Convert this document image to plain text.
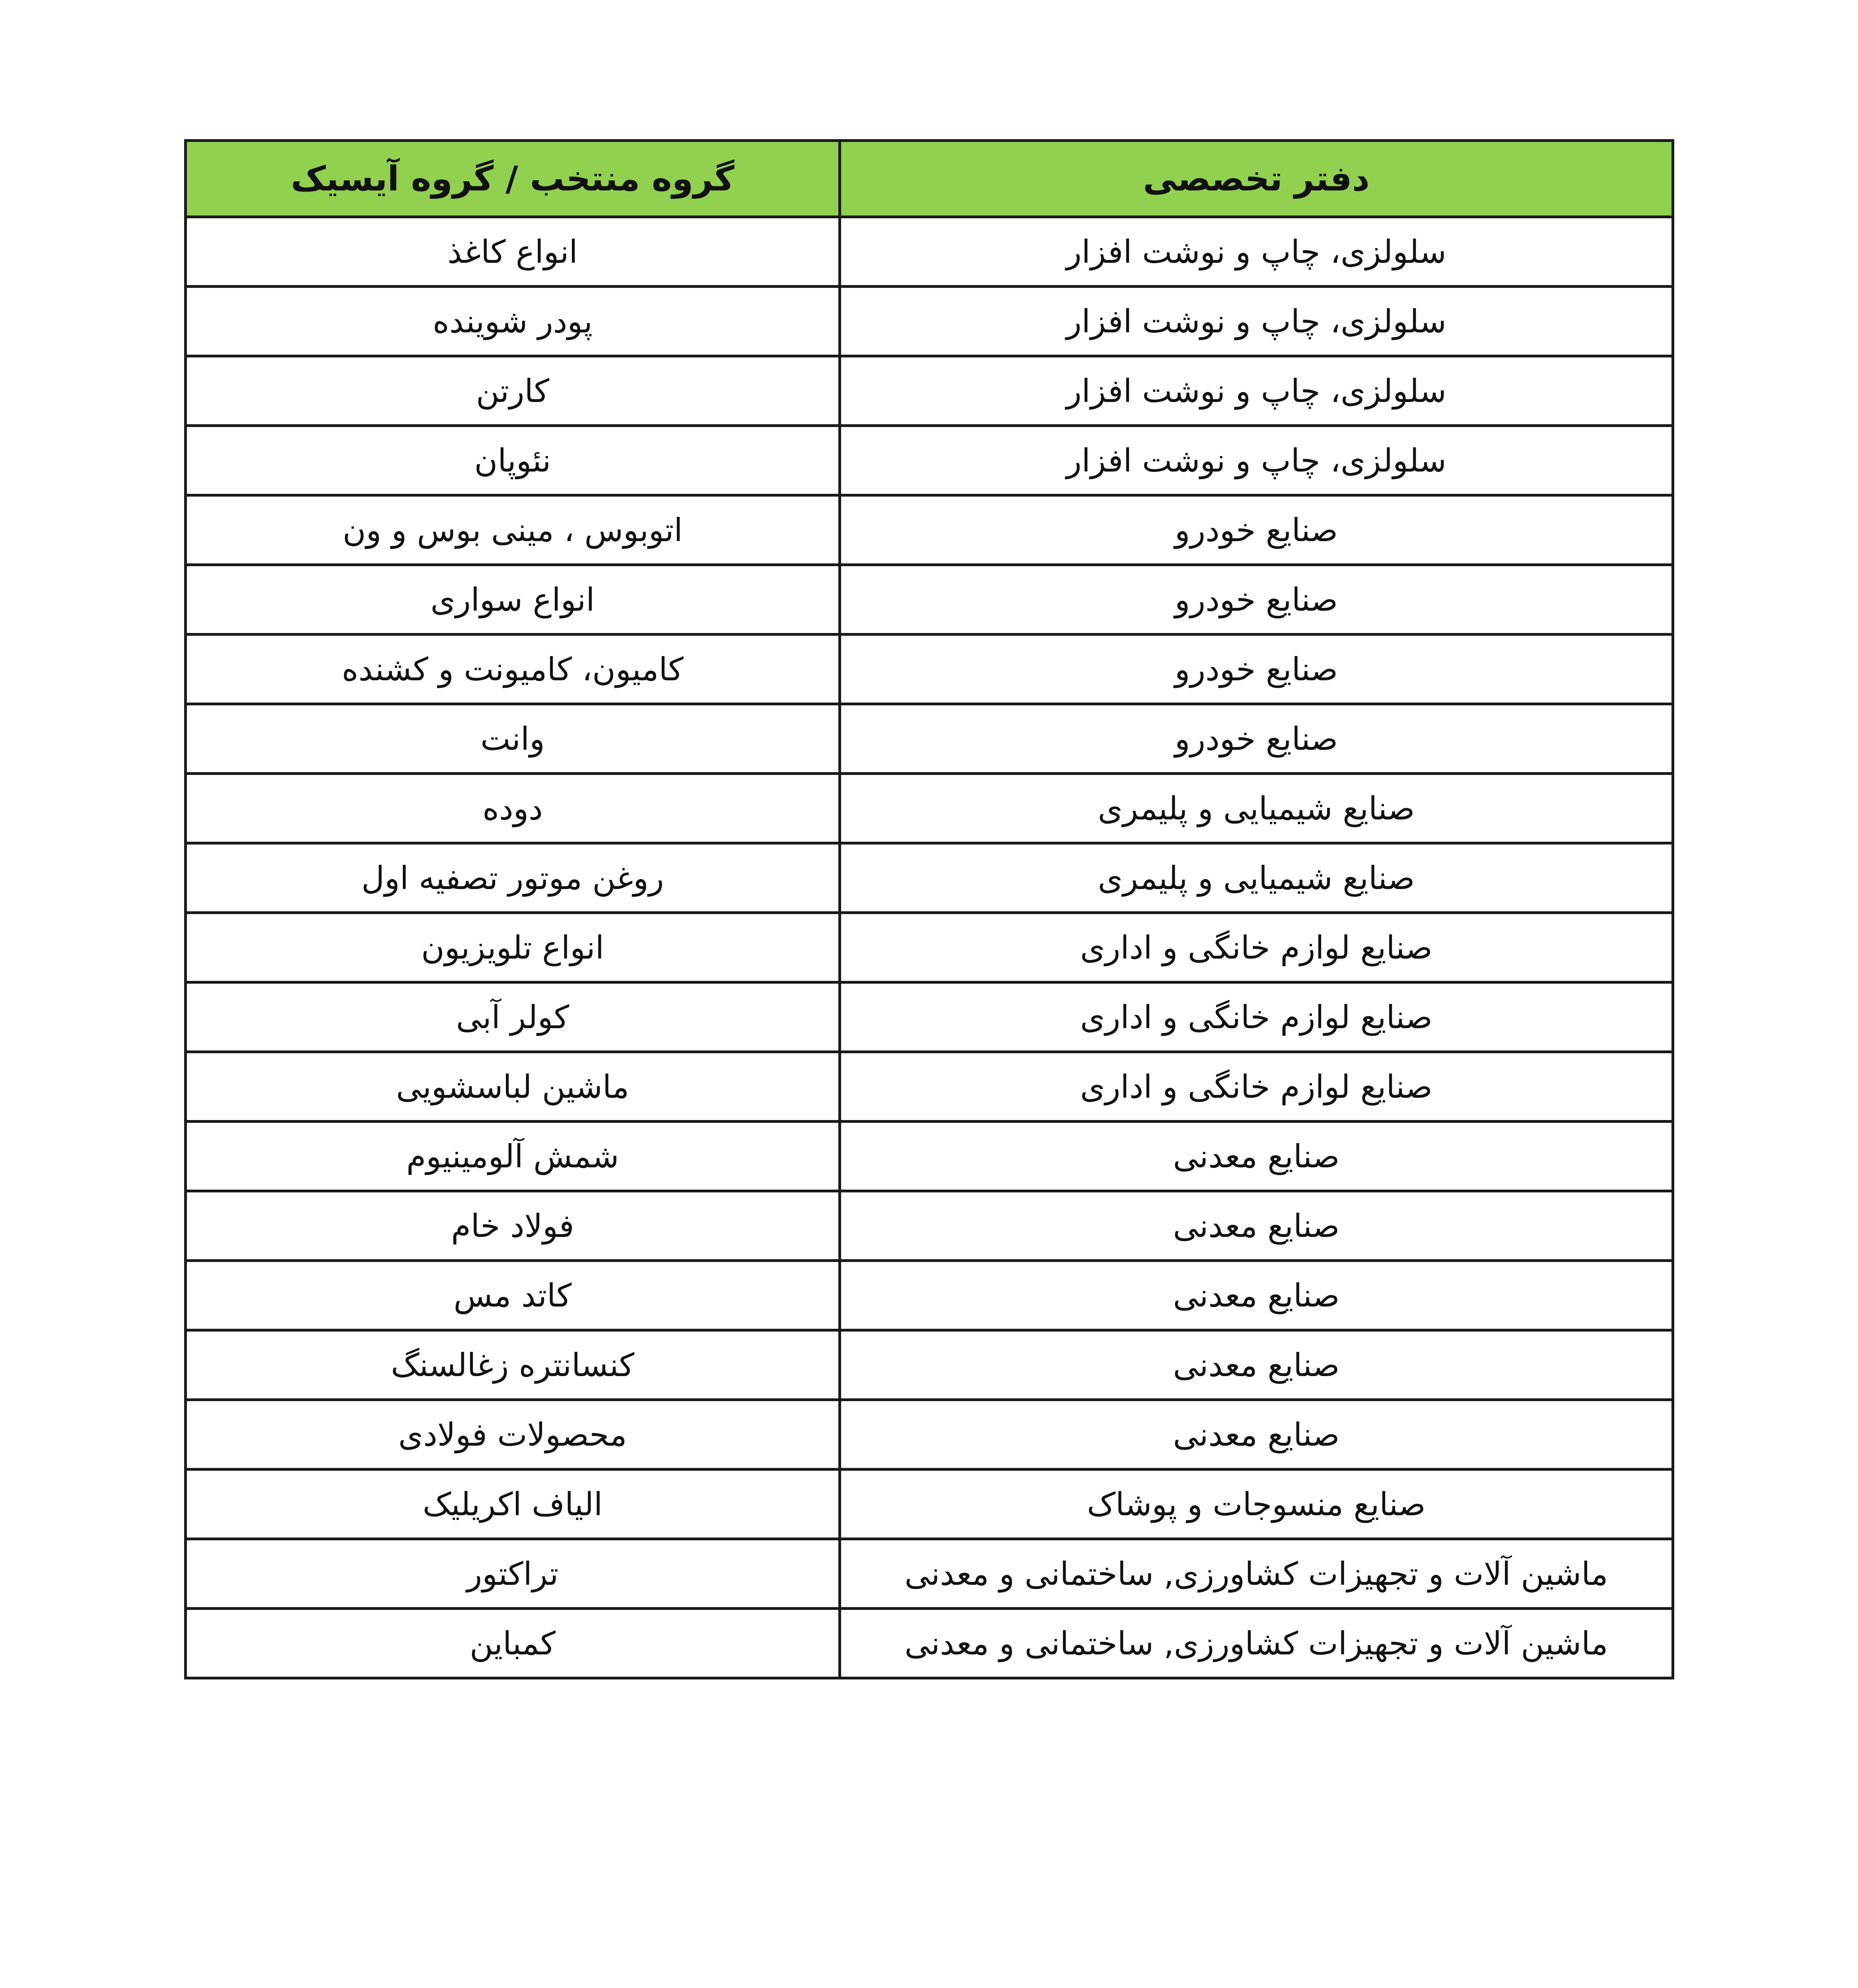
گروه منتخب / گروه آیسیک	دفتر تخصصی
انواع کاغذ	سلولزی، چاپ و نوشت افزار
پودر شوینده	سلولزی، چاپ و نوشت افزار
کارتن	سلولزی، چاپ و نوشت افزار
نئوپان	سلولزی، چاپ و نوشت افزار
اتوبوس ، مینی بوس و ون	صنایع خودرو
انواع سواری	صنایع خودرو
کامیون، کامیونت و کشنده	صنایع خودرو
وانت	صنایع خودرو
دوده	صنایع شیمیایی و پلیمری
روغن موتور تصفیه اول	صنایع شیمیایی و پلیمری
انواع تلویزیون	صنایع لوازم خانگی و اداری
کولر آبی	صنایع لوازم خانگی و اداری
ماشین لباسشویی	صنایع لوازم خانگی و اداری
شمش آلومینیوم	صنایع معدنی
فولاد خام	صنایع معدنی
کاتد مس	صنایع معدنی
کنسانتره زغالسنگ	صنایع معدنی
محصولات فولادی	صنایع معدنی
الیاف اکریلیک	صنایع منسوجات و پوشاک
تراکتور	ماشین آلات و تجهیزات کشاورزی, ساختمانی و معدنی
کمباین	ماشین آلات و تجهیزات کشاورزی, ساختمانی و معدنی
